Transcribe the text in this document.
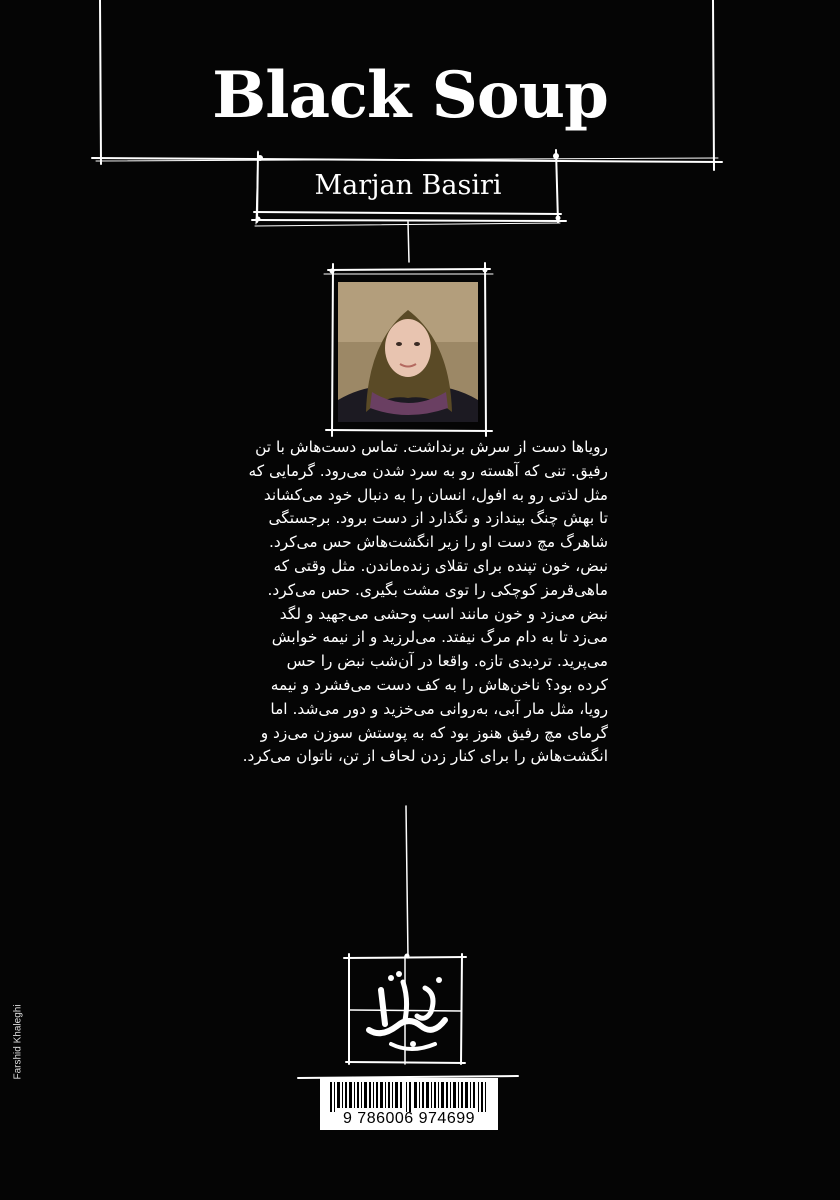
Black Soup
Marjan Basiri
رویاها دست از سرش برنداشت. تماس دست‌هاش با تن
رفیق. تنی که آهسته رو به سرد شدن می‌رود. گرمایی که
مثل لذتی رو به افول، انسان را به دنبال خود می‌کشاند
تا بهش چنگ بیندازد و نگذارد از دست برود. برجستگی
شاهرگ مچ دست او را زیر انگشت‌هاش حس می‌کرد.
نبض، خون تپنده برای تقلای زنده‌ماندن. مثل وقتی که
ماهی‌قرمز کوچکی را توی مشت بگیری. حس می‌کرد.
نبض می‌زد و خون مانند اسب وحشی می‌جهید و لگد
می‌زد تا به دام مرگ نیفتد. می‌لرزید و از نیمه خوابش
می‌پرید. تردیدی تازه. واقعا در آن‌شب نبض را حس
کرده بود؟ ناخن‌هاش را به کف دست می‌فشرد و نیمه
رویا، مثل مار آبی، به‌روانی می‌خزید و دور می‌شد. اما
گرمای مچ رفیق هنوز بود که به پوستش سوزن می‌زد و
انگشت‌هاش را برای کنار زدن لحاف از تن، ناتوان می‌کرد.
9 786006 974699
Farshid Khaleghi
